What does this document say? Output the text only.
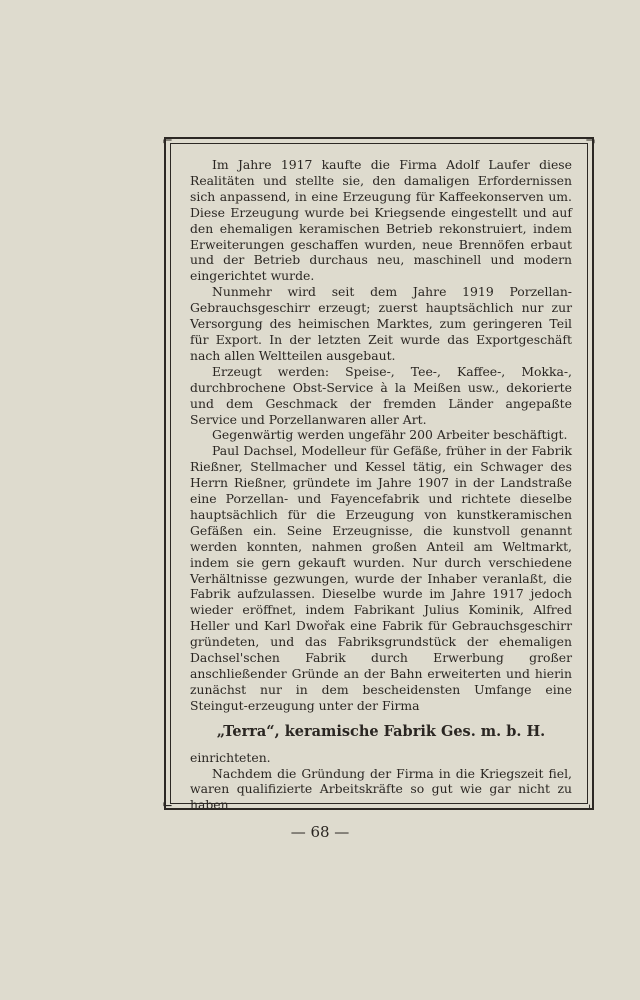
⌐	¬
⌙	⌟

Im Jahre 1917 kaufte die Firma Adolf Laufer diese Realitäten und stellte sie, den damaligen Erfordernissen sich anpassend, in eine Erzeugung für Kaffeekonserven um. Diese Erzeugung wurde bei Kriegsende eingestellt und auf den ehemaligen keramischen Betrieb rekonstruiert, indem Erweiterungen geschaffen wurden, neue Brennöfen erbaut und der Betrieb durchaus neu, maschinell und modern eingerichtet wurde.

Nunmehr wird seit dem Jahre 1919 Porzellan-Gebrauchsgeschirr erzeugt; zuerst hauptsächlich nur zur Versorgung des heimischen Marktes, zum geringeren Teil für Export. In der letzten Zeit wurde das Exportgeschäft nach allen Weltteilen ausgebaut.

Erzeugt werden: Speise-, Tee-, Kaffee-, Mokka-, durchbrochene Obst-Service à la Meißen usw., dekorierte und dem Geschmack der fremden Länder angepaßte Service und Porzellanwaren aller Art.

Gegenwärtig werden ungefähr 200 Arbeiter beschäftigt.

Paul Dachsel, Modelleur für Gefäße, früher in der Fabrik Rießner, Stellmacher und Kessel tätig, ein Schwager des Herrn Rießner, gründete im Jahre 1907 in der Landstraße eine Porzellan- und Fayencefabrik und richtete dieselbe hauptsächlich für die Erzeugung von kunstkeramischen Gefäßen ein. Seine Erzeugnisse, die kunstvoll genannt werden konnten, nahmen großen Anteil am Weltmarkt, indem sie gern gekauft wurden. Nur durch verschiedene Verhältnisse gezwungen, wurde der Inhaber veranlaßt, die Fabrik aufzulassen. Dieselbe wurde im Jahre 1917 jedoch wieder eröffnet, indem Fabrikant Julius Kominik, Alfred Heller und Karl Dwořak eine Fabrik für Gebrauchsgeschirr gründeten, und das Fabriksgrundstück der ehemaligen Dachsel'schen Fabrik durch Erwerbung großer anschließender Gründe an der Bahn erweiterten und hierin zunächst nur in dem bescheidensten Umfange eine Steingut-erzeugung unter der Firma

„Terra“, keramische Fabrik Ges. m. b. H.

einrichteten.

Nachdem die Gründung der Firma in die Kriegszeit fiel, waren qualifizierte Arbeitskräfte so gut wie gar nicht zu haben

— 68 —
